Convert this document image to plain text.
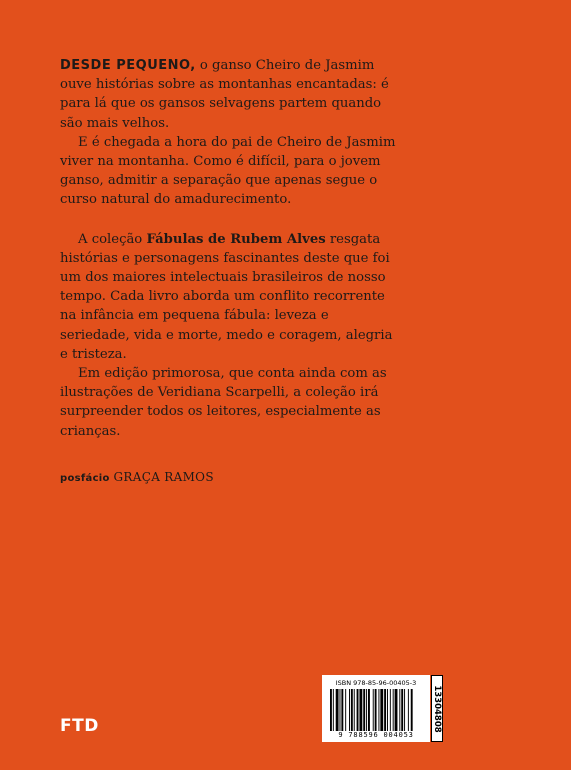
DESDE PEQUENO, o ganso Cheiro de Jasmim ouve histórias sobre as montanhas encantadas: é para lá que os gansos selvagens partem quando são mais velhos.

E é chegada a hora do pai de Cheiro de Jasmim viver na montanha. Como é difícil, para o jovem ganso, admitir a separação que apenas segue o curso natural do amadurecimento.

A coleção Fábulas de Rubem Alves resgata histórias e personagens fascinantes deste que foi um dos maiores intelectuais brasileiros de nosso tempo. Cada livro aborda um conflito recorrente na infância em pequena fábula: leveza e seriedade, vida e morte, medo e coragem, alegria e tristeza.

Em edição primorosa, que conta ainda com as ilustrações de Veridiana Scarpelli, a coleção irá surpreender todos os leitores, especialmente as crianças.

posfácio GRAÇA RAMOS
FTD
ISBN 978-85-96-00405-3
9 788596 004053
13304808
